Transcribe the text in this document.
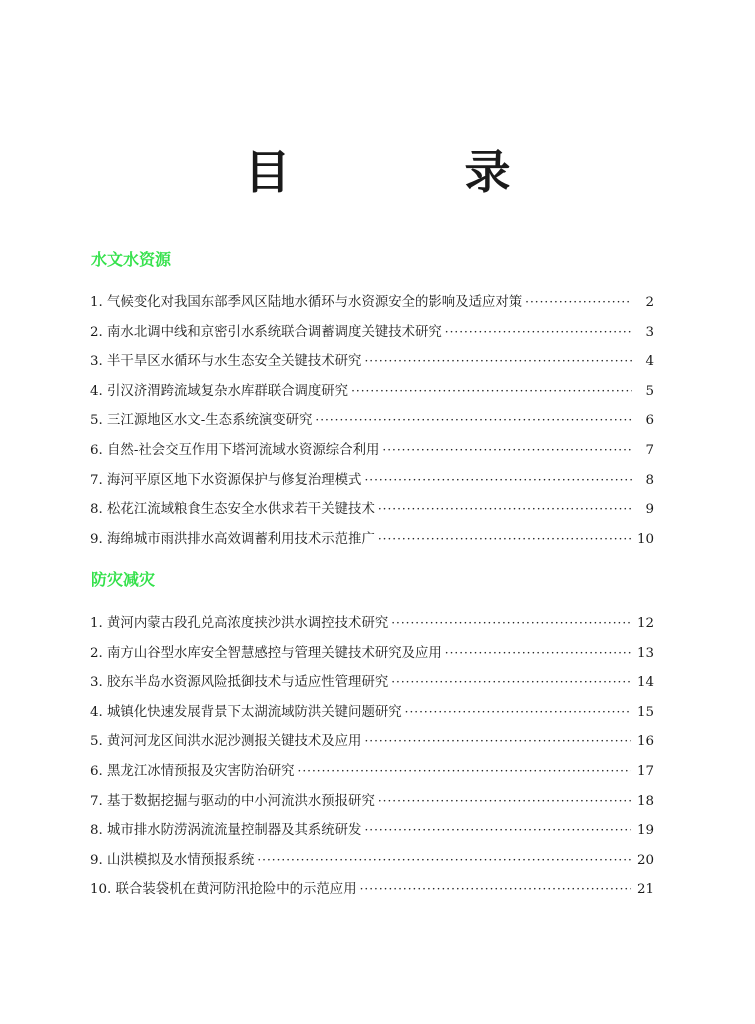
目　录
水文水资源
1. 气候变化对我国东部季风区陆地水循环与水资源安全的影响及适应对策 ·····	2
2. 南水北调中线和京密引水系统联合调蓄调度关键技术研究 ·····	3
3. 半干旱区水循环与水生态安全关键技术研究 ·····	4
4. 引汉济渭跨流域复杂水库群联合调度研究 ·····	5
5. 三江源地区水文-生态系统演变研究 ·····	6
6. 自然-社会交互作用下塔河流域水资源综合利用 ·····	7
7. 海河平原区地下水资源保护与修复治理模式 ·····	8
8. 松花江流域粮食生态安全水供求若干关键技术 ·····	9
9. 海绵城市雨洪排水高效调蓄利用技术示范推广 ·····	10
防灾减灾
1. 黄河内蒙古段孔兑高浓度挟沙洪水调控技术研究 ·····	12
2. 南方山谷型水库安全智慧感控与管理关键技术研究及应用 ·····	13
3. 胶东半岛水资源风险抵御技术与适应性管理研究 ·····	14
4. 城镇化快速发展背景下太湖流域防洪关键问题研究 ·····	15
5. 黄河河龙区间洪水泥沙测报关键技术及应用 ·····	16
6. 黑龙江冰情预报及灾害防治研究 ·····	17
7. 基于数据挖掘与驱动的中小河流洪水预报研究 ·····	18
8. 城市排水防涝涡流流量控制器及其系统研发 ·····	19
9. 山洪模拟及水情预报系统 ·····	20
10. 联合装袋机在黄河防汛抢险中的示范应用 ·····	21
